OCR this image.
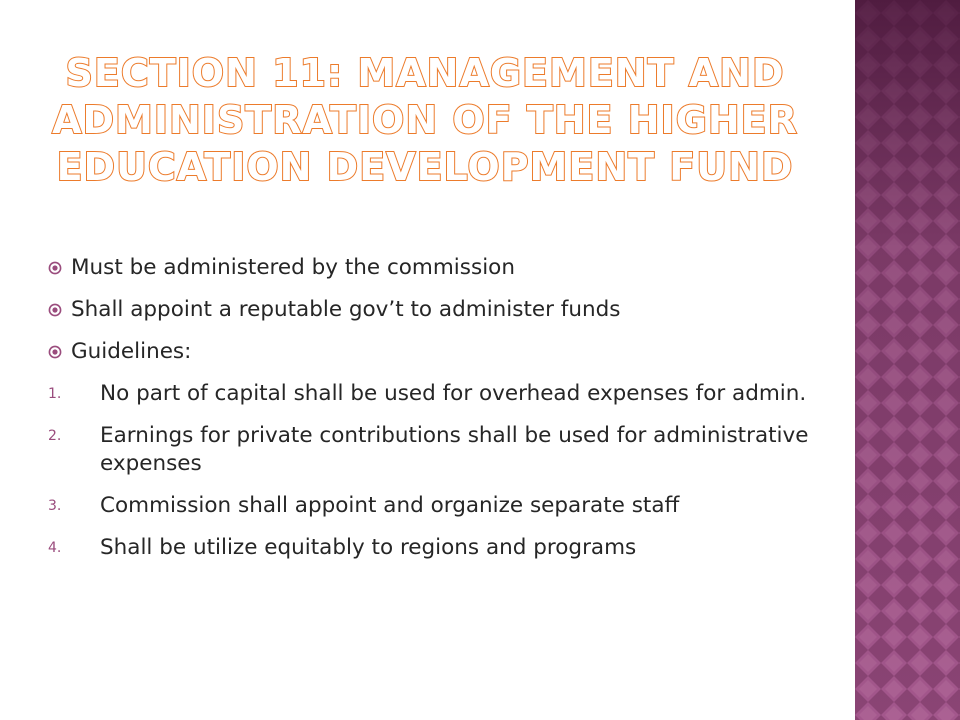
SECTION 11: MANAGEMENT AND
ADMINISTRATION OF THE HIGHER
EDUCATION DEVELOPMENT FUND
Must be administered by the commission
Shall appoint a reputable gov’t to administer funds
Guidelines:
1. No part of capital shall be used for overhead expenses for admin.
2. Earnings for private contributions shall be used for administrative expenses
3. Commission shall appoint and organize separate staff
4. Shall be utilize equitably to regions and programs
